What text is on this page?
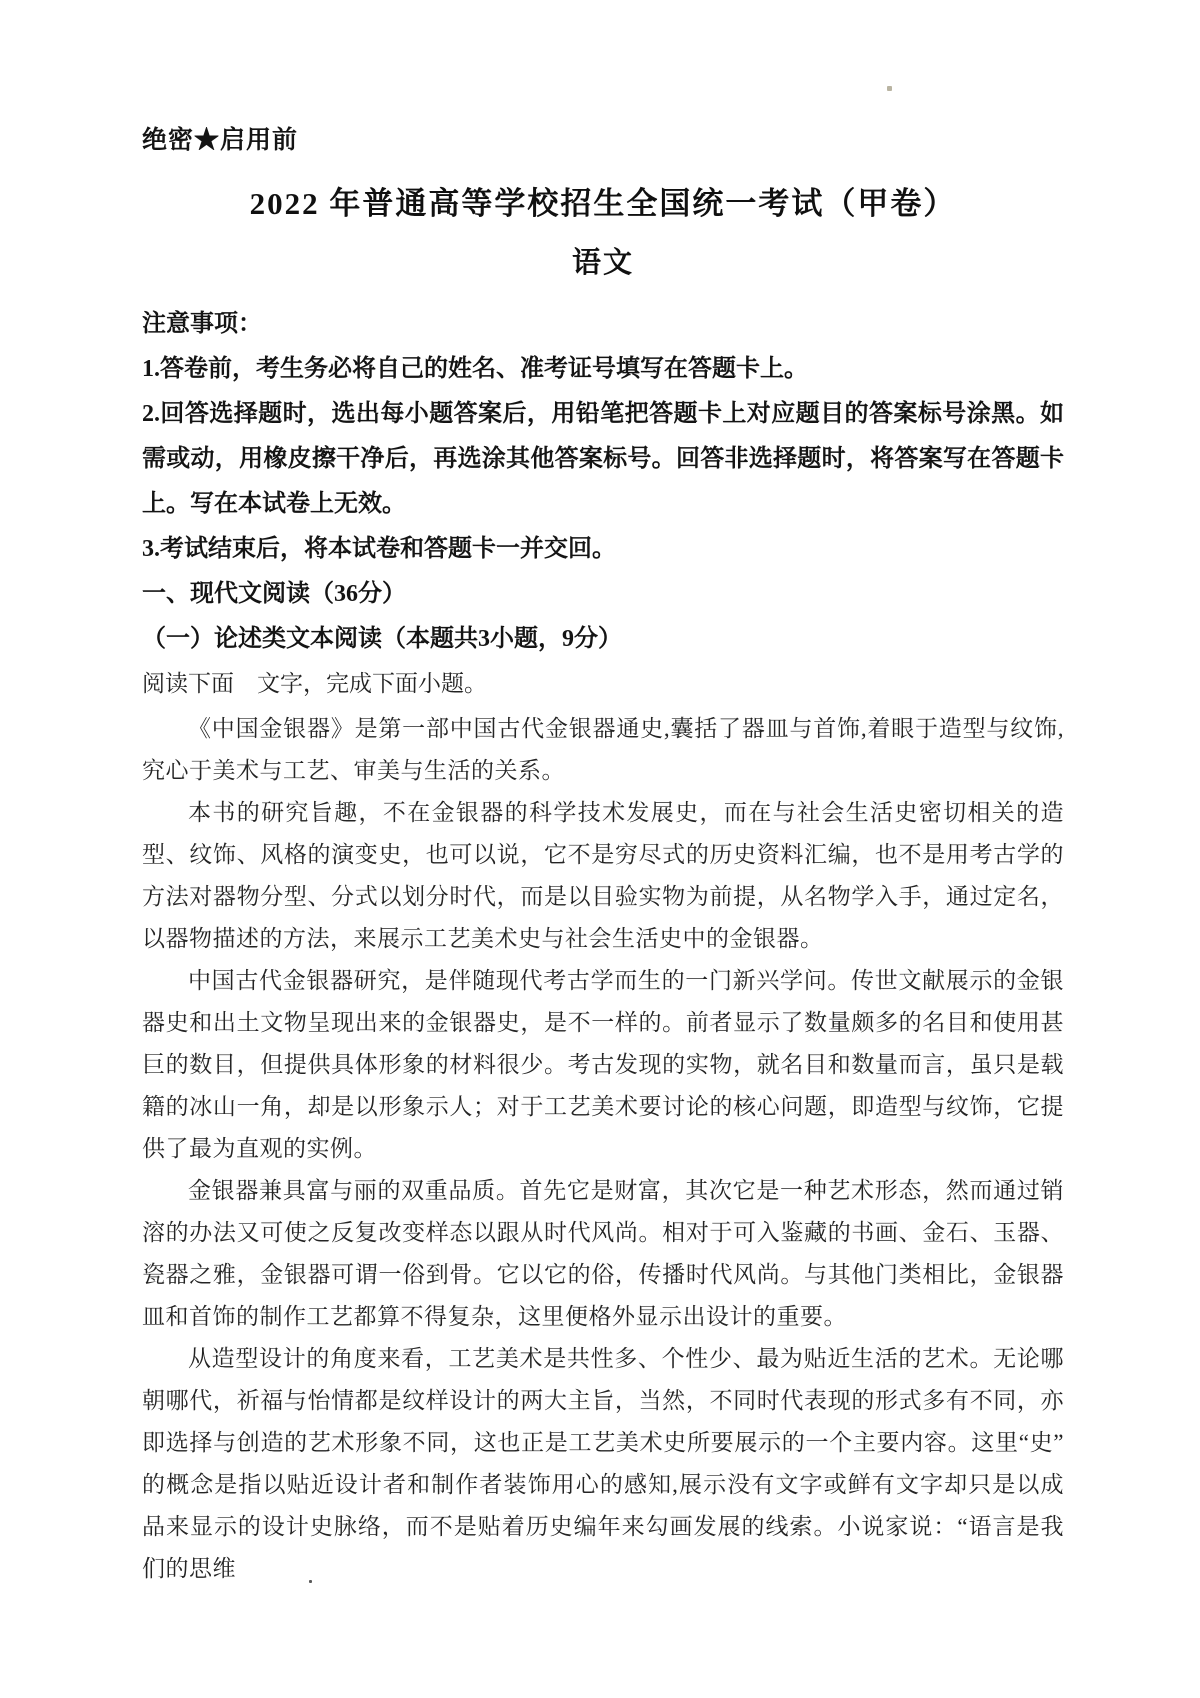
绝密★启用前
2022 年普通高等学校招生全国统一考试（甲卷）
语文
注意事项：
1.答卷前，考生务必将自己的姓名、准考证号填写在答题卡上。
2.回答选择题时，选出每小题答案后，用铅笔把答题卡上对应题目的答案标号涂黑。如需或动，用橡皮擦干净后，再选涂其他答案标号。回答非选择题时，将答案写在答题卡上。写在本试卷上无效。
3.考试结束后，将本试卷和答题卡一并交回。
一、现代文阅读（36分）
（一）论述类文本阅读（本题共3小题，9分）
阅读下面　文字，完成下面小题。

《中国金银器》是第一部中国古代金银器通史,囊括了器皿与首饰,着眼于造型与纹饰,究心于美术与工艺、审美与生活的关系。

本书的研究旨趣，不在金银器的科学技术发展史，而在与社会生活史密切相关的造型、纹饰、风格的演变史，也可以说，它不是穷尽式的历史资料汇编，也不是用考古学的方法对器物分型、分式以划分时代，而是以目验实物为前提，从名物学入手，通过定名，以器物描述的方法，来展示工艺美术史与社会生活史中的金银器。

中国古代金银器研究，是伴随现代考古学而生的一门新兴学问。传世文献展示的金银器史和出土文物呈现出来的金银器史，是不一样的。前者显示了数量颇多的名目和使用甚巨的数目，但提供具体形象的材料很少。考古发现的实物，就名目和数量而言，虽只是载籍的冰山一角，却是以形象示人；对于工艺美术要讨论的核心问题，即造型与纹饰，它提供了最为直观的实例。

金银器兼具富与丽的双重品质。首先它是财富，其次它是一种艺术形态，然而通过销溶的办法又可使之反复改变样态以跟从时代风尚。相对于可入鉴藏的书画、金石、玉器、瓷器之雅，金银器可谓一俗到骨。它以它的俗，传播时代风尚。与其他门类相比，金银器皿和首饰的制作工艺都算不得复杂，这里便格外显示出设计的重要。

从造型设计的角度来看，工艺美术是共性多、个性少、最为贴近生活的艺术。无论哪朝哪代，祈福与怡情都是纹样设计的两大主旨，当然，不同时代表现的形式多有不同，亦即选择与创造的艺术形象不同，这也正是工艺美术史所要展示的一个主要内容。这里“史”的概念是指以贴近设计者和制作者装饰用心的感知,展示没有文字或鲜有文字却只是以成品来显示的设计史脉络，而不是贴着历史编年来勾画发展的线索。小说家说：“语言是我们的思维
